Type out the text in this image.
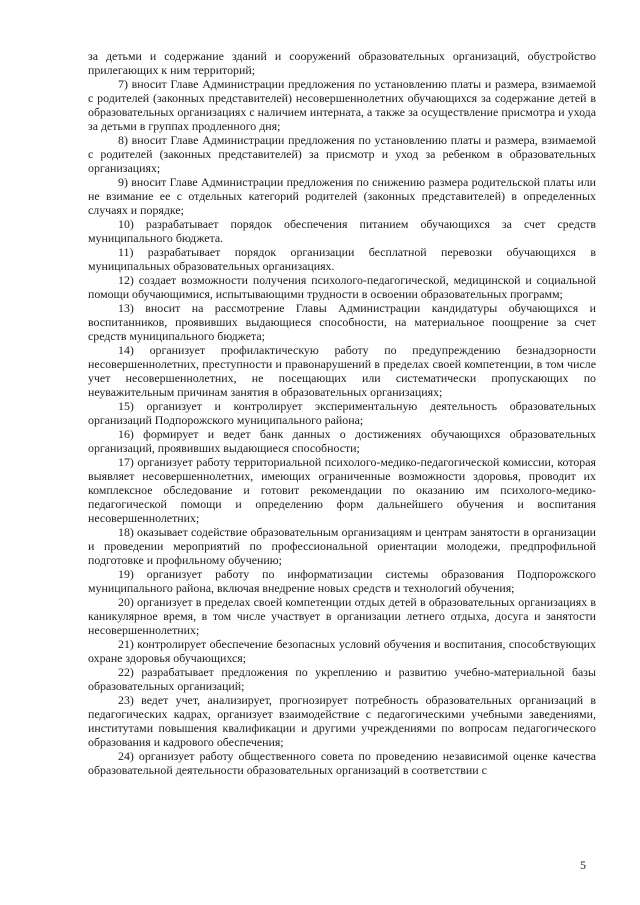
за детьми и содержание зданий и сооружений образовательных организаций, обустройство прилегающих к ним территорий;

7) вносит Главе Администрации предложения по установлению платы и размера, взимаемой с родителей (законных представителей) несовершеннолетних обучающихся за содержание детей в образовательных организациях с наличием интерната, а также за осуществление присмотра и ухода за детьми в группах продленного дня;

8) вносит Главе Администрации предложения по установлению платы и размера, взимаемой с родителей (законных представителей) за присмотр и уход за ребенком в образовательных организациях;

9) вносит Главе Администрации предложения по снижению размера родительской платы или не взимание ее с отдельных категорий родителей (законных представителей) в определенных случаях и порядке;

10) разрабатывает порядок обеспечения питанием обучающихся за счет средств муниципального бюджета.

11) разрабатывает порядок организации бесплатной перевозки обучающихся в муниципальных образовательных организациях.

12) создает возможности получения психолого-педагогической, медицинской и социальной помощи обучающимися, испытывающими трудности в освоении образовательных программ;

13) вносит на рассмотрение Главы Администрации кандидатуры обучающихся и воспитанников, проявивших выдающиеся способности, на материальное поощрение за счет средств муниципального бюджета;

14) организует профилактическую работу по предупреждению безнадзорности несовершеннолетних, преступности и правонарушений в пределах своей компетенции, в том числе учет несовершеннолетних, не посещающих или систематически пропускающих по неуважительным причинам занятия в образовательных организациях;

15) организует и контролирует экспериментальную деятельность образовательных организаций Подпорожского муниципального района;

16) формирует и ведет банк данных о достижениях обучающихся образовательных организаций, проявивших выдающиеся способности;

17) организует работу территориальной психолого-медико-педагогической комиссии, которая выявляет несовершеннолетних, имеющих ограниченные возможности здоровья, проводит их комплексное обследование и готовит рекомендации по оказанию им психолого-медико-педагогической помощи и определению форм дальнейшего обучения и воспитания несовершеннолетних;

18) оказывает содействие образовательным организациям и центрам занятости в организации и проведении мероприятий по профессиональной ориентации молодежи, предпрофильной подготовке и профильному обучению;

19) организует работу по информатизации системы образования Подпорожского муниципального района, включая внедрение новых средств и технологий обучения;

20) организует в пределах своей компетенции отдых детей в образовательных организациях в каникулярное время, в том числе участвует в организации летнего отдыха, досуга и занятости несовершеннолетних;

21) контролирует обеспечение безопасных условий обучения и воспитания, способствующих охране здоровья обучающихся;

22) разрабатывает предложения по укреплению и развитию учебно-материальной базы образовательных организаций;

23) ведет учет, анализирует, прогнозирует потребность образовательных организаций в педагогических кадрах, организует взаимодействие с педагогическими учебными заведениями, институтами повышения квалификации и другими учреждениями по вопросам педагогического образования и кадрового обеспечения;

24) организует работу общественного совета по проведению независимой оценке качества образовательной деятельности образовательных организаций в соответствии с

5
